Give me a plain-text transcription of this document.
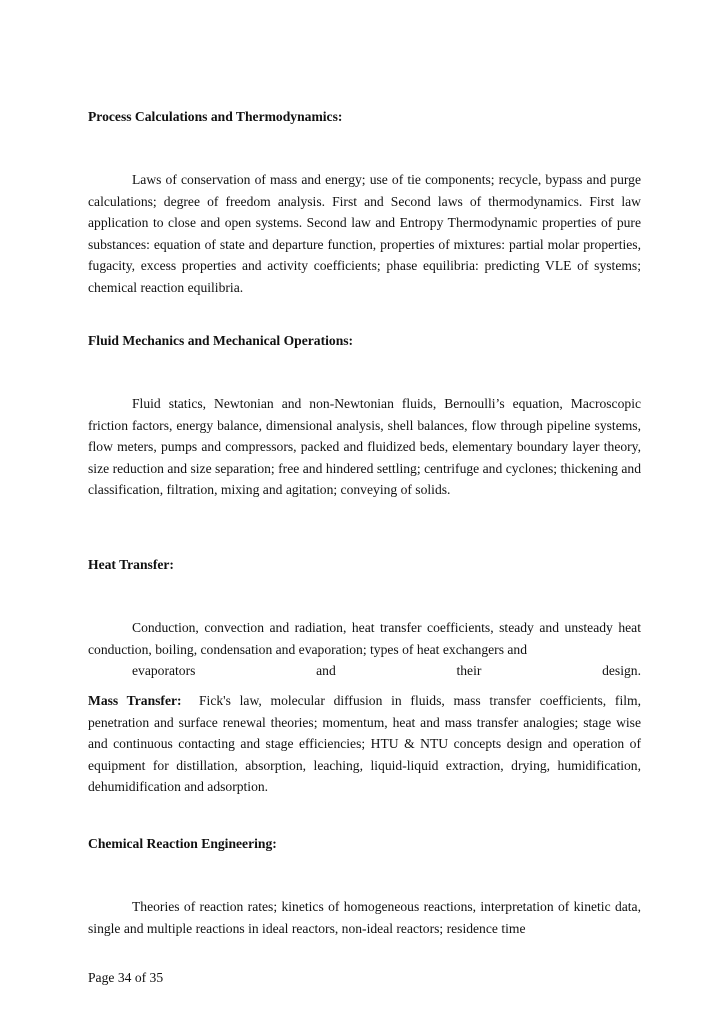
Process Calculations and Thermodynamics:

Laws of conservation of mass and energy; use of tie components; recycle, bypass and purge calculations; degree of freedom analysis. First and Second laws of thermodynamics. First law application to close and open systems. Second law and Entropy Thermodynamic properties of pure substances: equation of state and departure function, properties of mixtures: partial molar properties, fugacity, excess properties and activity coefficients; phase equilibria: predicting VLE of systems; chemical reaction equilibria.

Fluid Mechanics and Mechanical Operations:

Fluid statics, Newtonian and non-Newtonian fluids, Bernoulli’s equation, Macroscopic friction factors, energy balance, dimensional analysis, shell balances, flow through pipeline systems, flow meters, pumps and compressors, packed and fluidized beds, elementary boundary layer theory, size reduction and size separation; free and hindered settling; centrifuge and cyclones; thickening and classification, filtration, mixing and agitation; conveying of solids.

Heat Transfer:

Conduction, convection and radiation, heat transfer coefficients, steady and unsteady heat conduction, boiling, condensation and evaporation; types of heat exchangers and
evaporators and their design.

Mass Transfer: Fick's law, molecular diffusion in fluids, mass transfer coefficients, film, penetration and surface renewal theories; momentum, heat and mass transfer analogies; stage wise and continuous contacting and stage efficiencies; HTU & NTU concepts design and operation of equipment for distillation, absorption, leaching, liquid-liquid extraction, drying, humidification, dehumidification and adsorption.

Chemical Reaction Engineering:

Theories of reaction rates; kinetics of homogeneous reactions, interpretation of kinetic data, single and multiple reactions in ideal reactors, non-ideal reactors; residence time

Page 34 of 35
